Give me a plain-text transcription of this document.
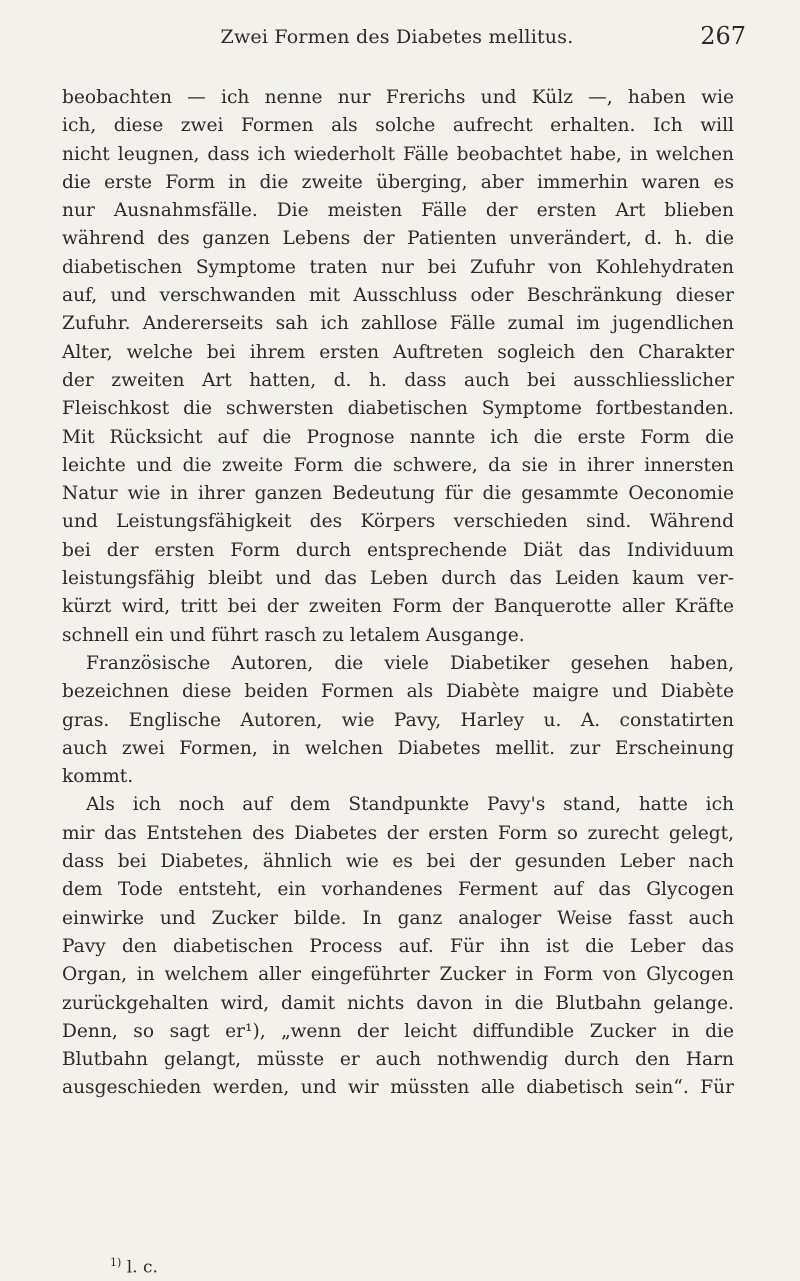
Zwei Formen des Diabetes mellitus.	267
beobachten — ich nenne nur Frerichs und Külz —, haben wie
ich, diese zwei Formen als solche aufrecht erhalten. Ich will
nicht leugnen, dass ich wiederholt Fälle beobachtet habe, in welchen
die erste Form in die zweite überging, aber immerhin waren es
nur Ausnahmsfälle. Die meisten Fälle der ersten Art blieben
während des ganzen Lebens der Patienten unverändert, d. h. die
diabetischen Symptome traten nur bei Zufuhr von Kohlehydraten
auf, und verschwanden mit Ausschluss oder Beschränkung dieser
Zufuhr. Andererseits sah ich zahllose Fälle zumal im jugendlichen
Alter, welche bei ihrem ersten Auftreten sogleich den Charakter
der zweiten Art hatten, d. h. dass auch bei ausschliesslicher
Fleischkost die schwersten diabetischen Symptome fortbestanden.
Mit Rücksicht auf die Prognose nannte ich die erste Form die
leichte und die zweite Form die schwere, da sie in ihrer innersten
Natur wie in ihrer ganzen Bedeutung für die gesammte Oeconomie
und Leistungsfähigkeit des Körpers verschieden sind. Während
bei der ersten Form durch entsprechende Diät das Individuum
leistungsfähig bleibt und das Leben durch das Leiden kaum ver-
kürzt wird, tritt bei der zweiten Form der Banquerotte aller Kräfte
schnell ein und führt rasch zu letalem Ausgange.
Französische Autoren, die viele Diabetiker gesehen haben,
bezeichnen diese beiden Formen als Diabète maigre und Diabète
gras. Englische Autoren, wie Pavy, Harley u. A. constatirten
auch zwei Formen, in welchen Diabetes mellit. zur Erscheinung
kommt.
Als ich noch auf dem Standpunkte Pavy's stand, hatte ich
mir das Entstehen des Diabetes der ersten Form so zurecht gelegt,
dass bei Diabetes, ähnlich wie es bei der gesunden Leber nach
dem Tode entsteht, ein vorhandenes Ferment auf das Glycogen
einwirke und Zucker bilde. In ganz analoger Weise fasst auch
Pavy den diabetischen Process auf. Für ihn ist die Leber das
Organ, in welchem aller eingeführter Zucker in Form von Glycogen
zurückgehalten wird, damit nichts davon in die Blutbahn gelange.
Denn, so sagt er¹), „wenn der leicht diffundible Zucker in die
Blutbahn gelangt, müsste er auch nothwendig durch den Harn
ausgeschieden werden, und wir müssten alle diabetisch sein“. Für
$^{1)}$ l. c.
